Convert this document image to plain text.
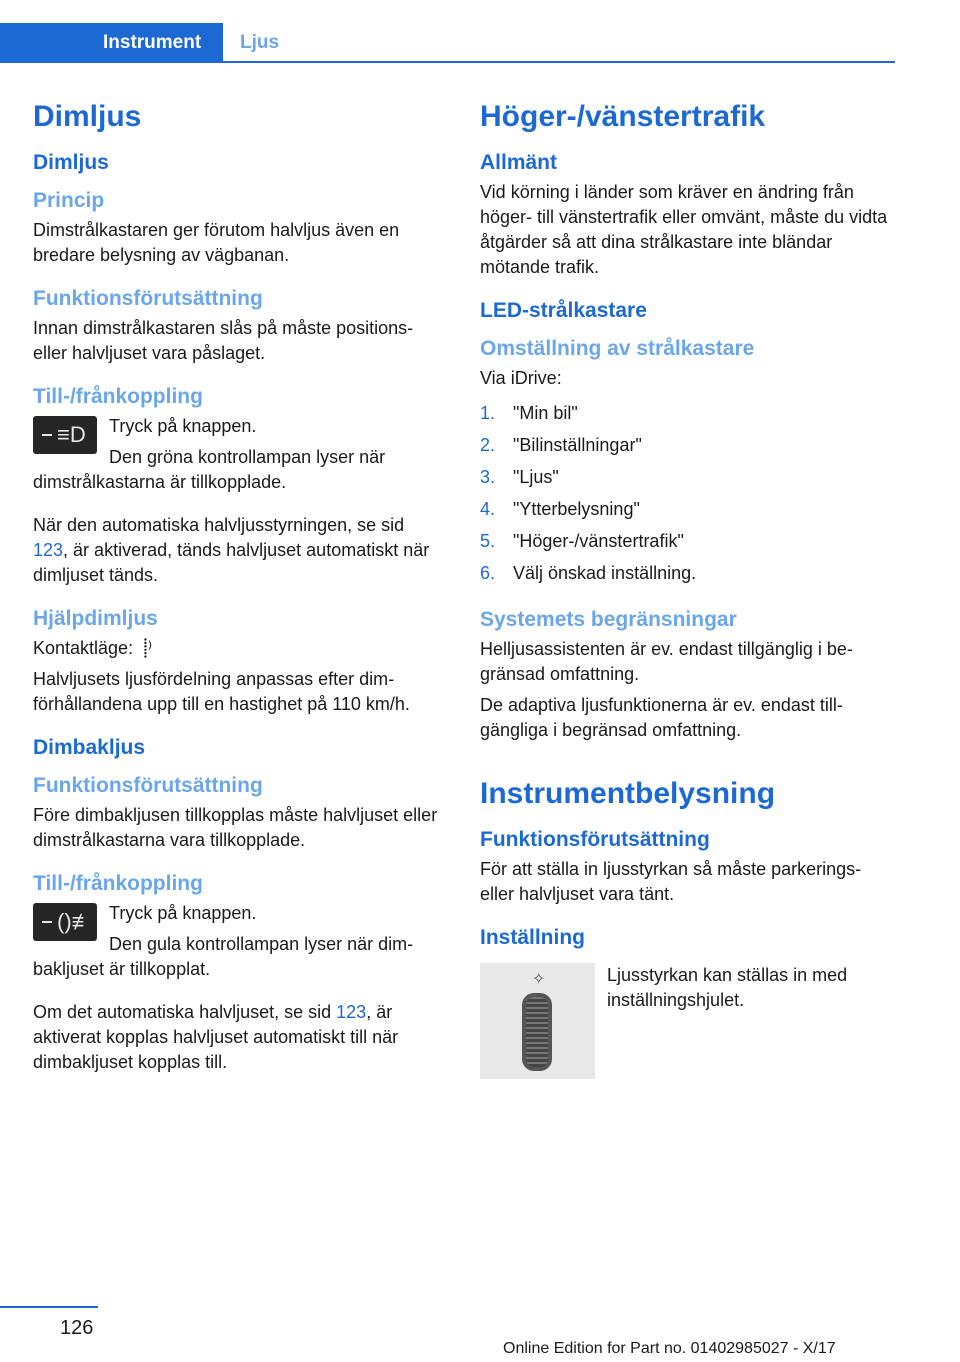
Instrument Ljus
Dimljus
Dimljus
Princip

Dimstrålkastaren ger förutom halvljus även en bredare belysning av vägbanan.

Funktionsförutsättning

Innan dimstrålkastaren slås på måste positions- eller halvljuset vara påslaget.

Till-/frånkoppling
≡D	Tryck på knappen.

Den gröna kontrollampan lyser när dimstrålkastarna är tillkopplade.

När den automatiska halvljusstyrningen, se sid 123, är aktiverad, tänds halvljuset automatiskt när dimljuset tänds.

Hjälpdimljus

Kontaktläge: ⸽⁾

Halvljusets ljusfördelning anpassas efter dimförhållandena upp till en hastighet på 110 km/h.

Dimbakljus
Funktionsförutsättning

Före dimbakljusen tillkopplas måste halvljuset eller dimstrålkastarna vara tillkopplade.

Till-/frånkoppling
()≢ Tryck på knappen.

Den gula kontrollampan lyser när dimbakljuset är tillkopplat.

Om det automatiska halvljuset, se sid 123, är aktiverat kopplas halvljuset automatiskt till när dimbakljuset kopplas till.

Höger-/vänstertrafik
Allmänt

Vid körning i länder som kräver en ändring från höger- till vänstertrafik eller omvänt, måste du vidta åtgärder så att dina strålkastare inte bländar mötande trafik.

LED-strålkastare
Omställning av strålkastare

Via iDrive:

1. "Min bil"
2. "Bilinställningar"
3. "Ljus"
4. "Ytterbelysning"
5. "Höger-/vänstertrafik"
6. Välj önskad inställning.
Systemets begränsningar

Helljusassistenten är ev. endast tillgänglig i begränsad omfattning.

De adaptiva ljusfunktionerna är ev. endast tillgängliga i begränsad omfattning.

Instrumentbelysning
Funktionsförutsättning

För att ställa in ljusstyrkan så måste parkerings- eller halvljuset vara tänt.

Inställning
✧	Ljusstyrkan kan ställas in med inställningshjulet.

126
Online Edition for Part no. 01402985027 - X/17
